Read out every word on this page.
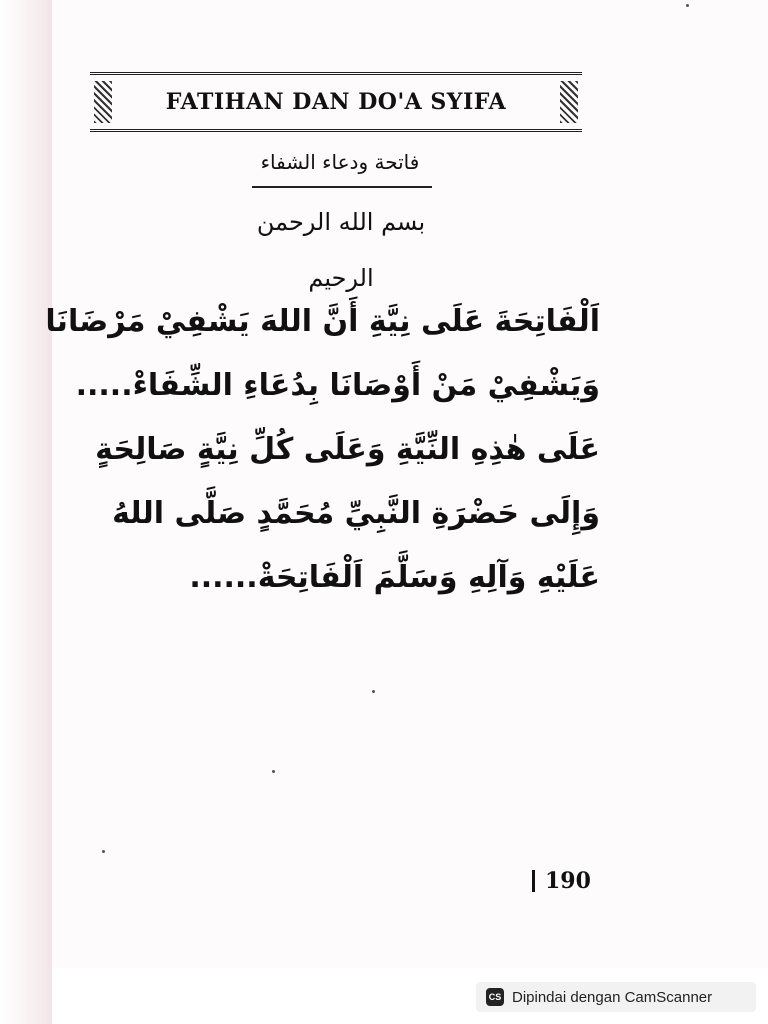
FATIHAN DAN DO'A SYIFA
فاتحة ودعاء الشفاء
بسم الله الرحمن الرحيم
اَلْفَاتِحَةَ عَلَى نِيَّةِ أَنَّ اللهَ يَشْفِيْ مَرْضَانَا
وَيَشْفِيْ مَنْ أَوْصَانَا بِدُعَاءِ الشِّفَاءْ.....
عَلَى هٰذِهِ النِّيَّةِ وَعَلَى كُلِّ نِيَّةٍ صَالِحَةٍ
وَإِلَى حَضْرَةِ النَّبِيِّ مُحَمَّدٍ صَلَّى اللهُ
عَلَيْهِ وَآلِهِ وَسَلَّمَ اَلْفَاتِحَةْ......
190
CS Dipindai dengan CamScanner
